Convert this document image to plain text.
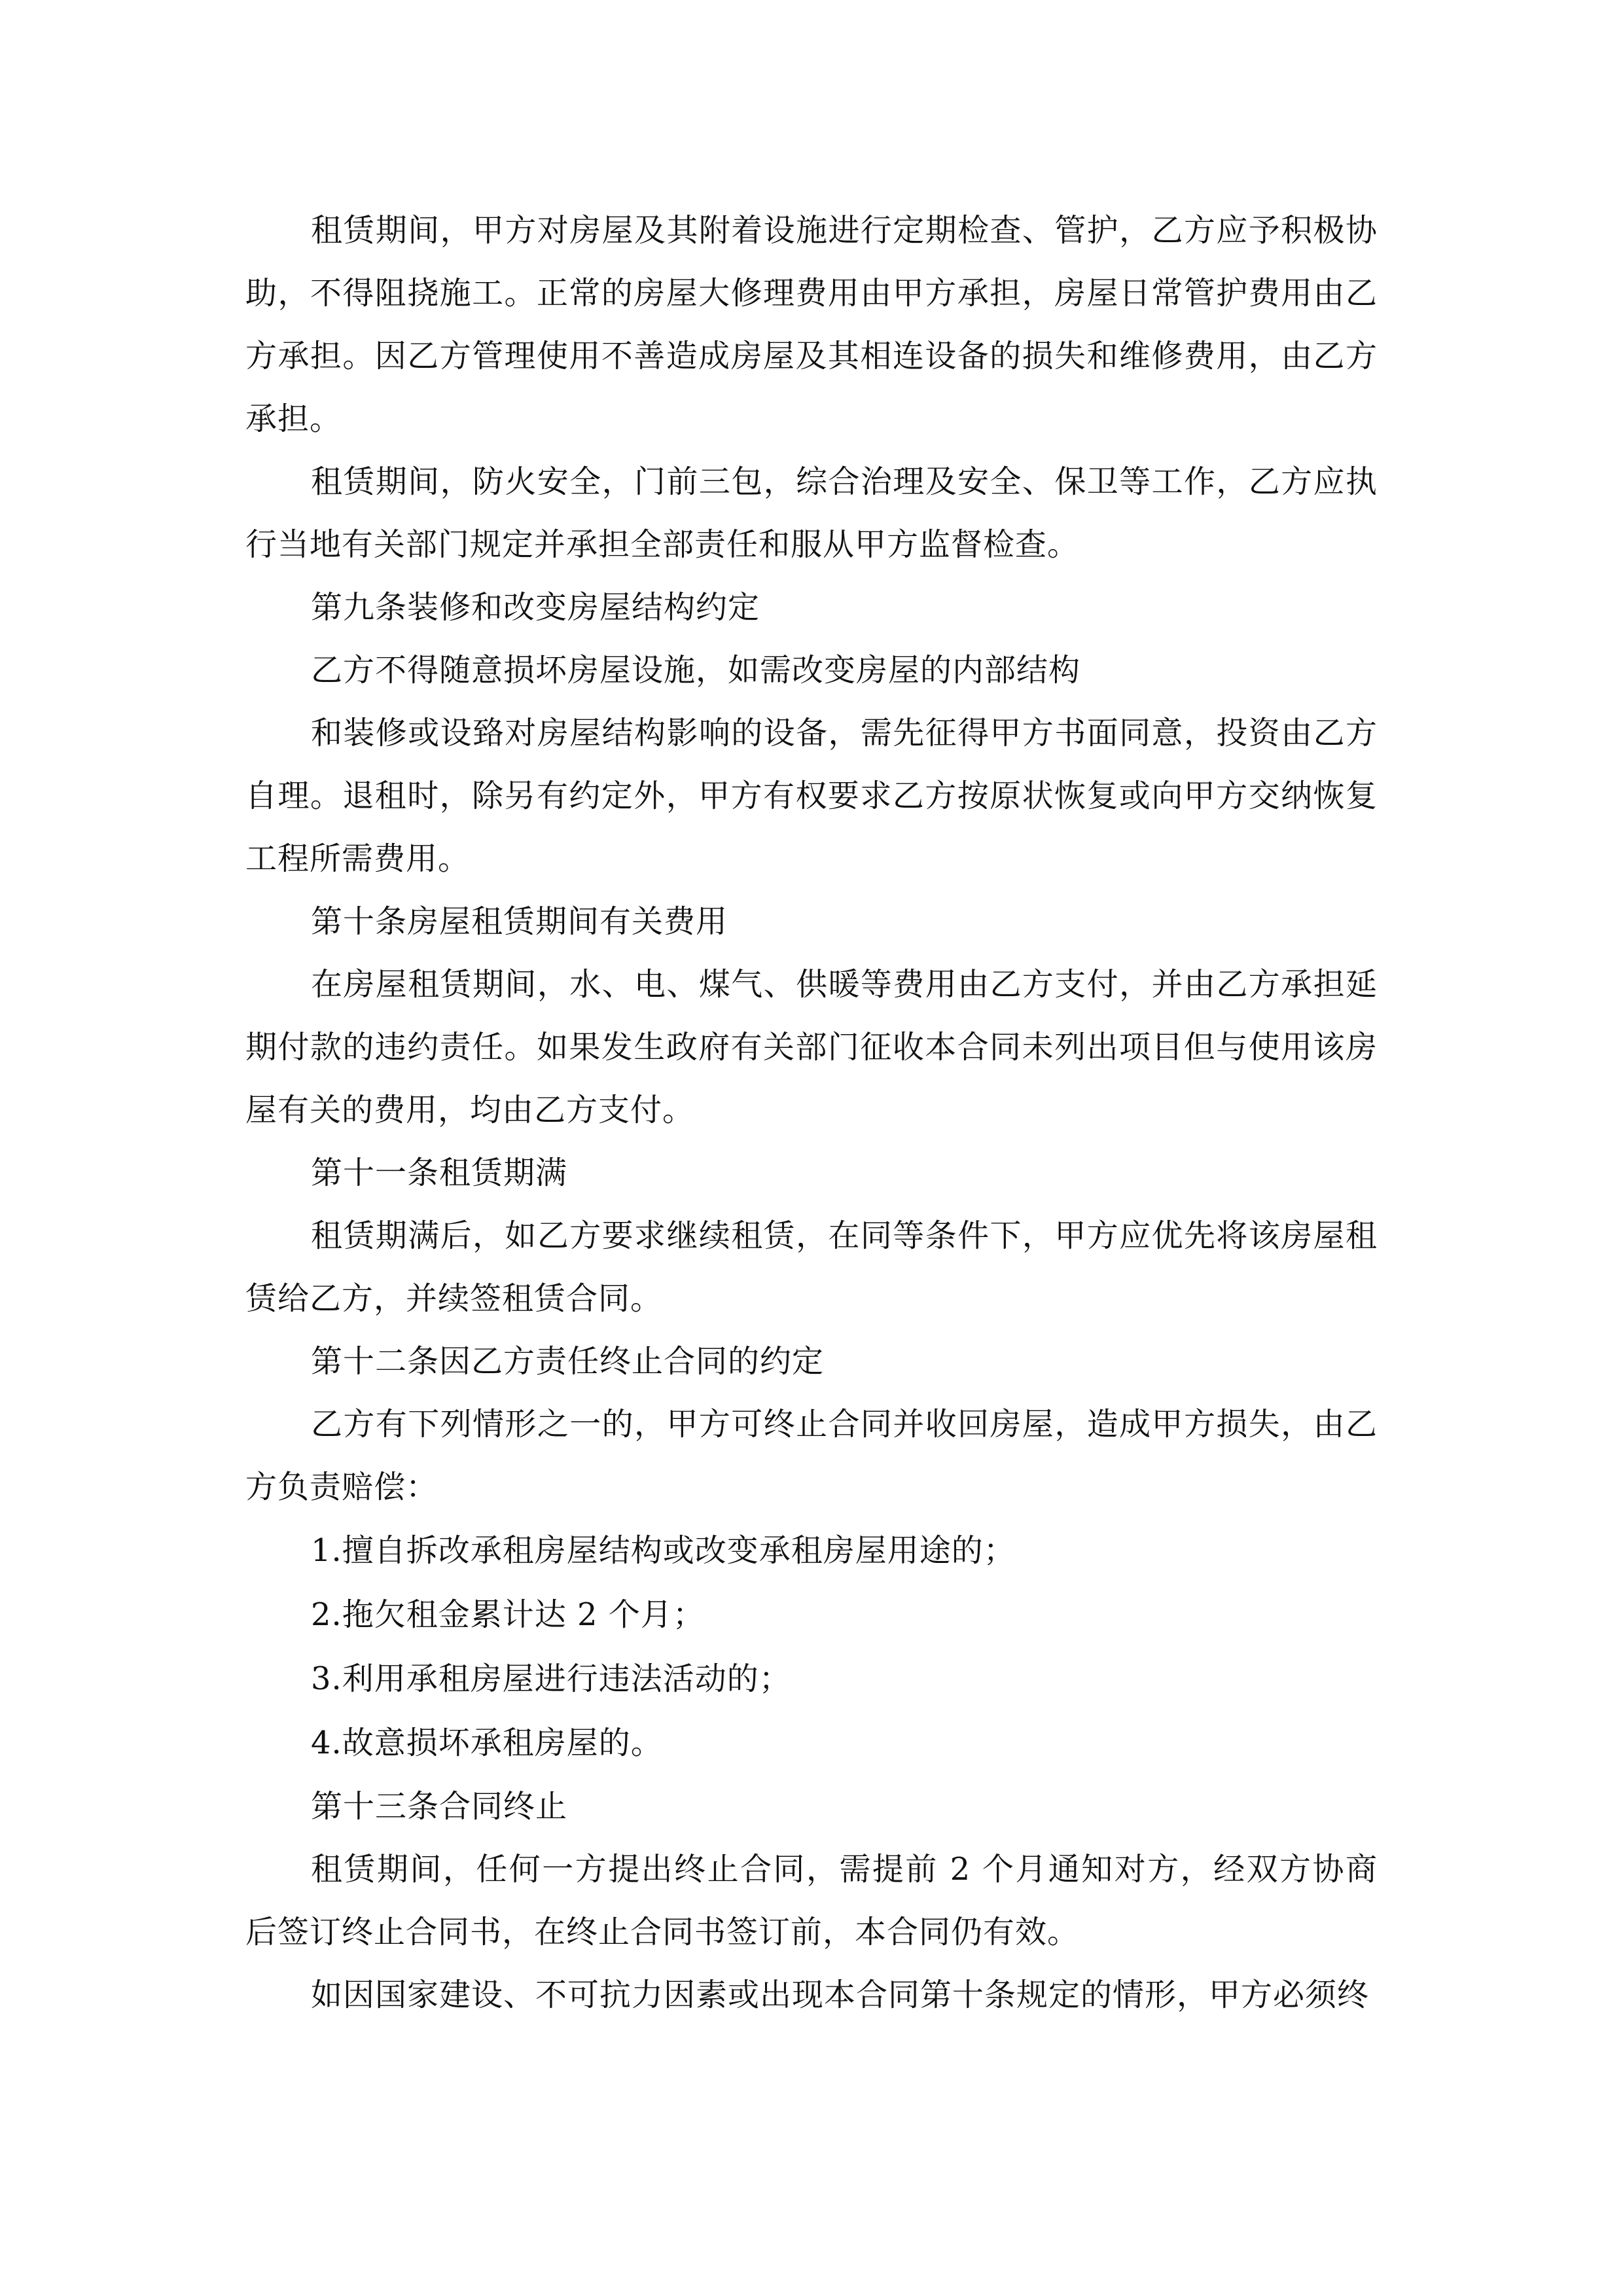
租赁期间，甲方对房屋及其附着设施进行定期检查、管护，乙方应予积极协助，不得阻挠施工。正常的房屋大修理费用由甲方承担，房屋日常管护费用由乙方承担。因乙方管理使用不善造成房屋及其相连设备的损失和维修费用，由乙方承担。

租赁期间，防火安全，门前三包，综合治理及安全、保卫等工作，乙方应执行当地有关部门规定并承担全部责任和服从甲方监督检查。

第九条装修和改变房屋结构约定

乙方不得随意损坏房屋设施，如需改变房屋的内部结构

和装修或设臵对房屋结构影响的设备，需先征得甲方书面同意，投资由乙方自理。退租时，除另有约定外，甲方有权要求乙方按原状恢复或向甲方交纳恢复工程所需费用。

第十条房屋租赁期间有关费用

在房屋租赁期间，水、电、煤气、供暖等费用由乙方支付，并由乙方承担延期付款的违约责任。如果发生政府有关部门征收本合同未列出项目但与使用该房屋有关的费用，均由乙方支付。

第十一条租赁期满

租赁期满后，如乙方要求继续租赁，在同等条件下，甲方应优先将该房屋租赁给乙方，并续签租赁合同。

第十二条因乙方责任终止合同的约定

乙方有下列情形之一的，甲方可终止合同并收回房屋，造成甲方损失，由乙方负责赔偿：

1.擅自拆改承租房屋结构或改变承租房屋用途的；

2.拖欠租金累计达 2 个月；

3.利用承租房屋进行违法活动的；

4.故意损坏承租房屋的。

第十三条合同终止

租赁期间，任何一方提出终止合同，需提前 2 个月通知对方，经双方协商后签订终止合同书，在终止合同书签订前，本合同仍有效。

如因国家建设、不可抗力因素或出现本合同第十条规定的情形，甲方必须终
